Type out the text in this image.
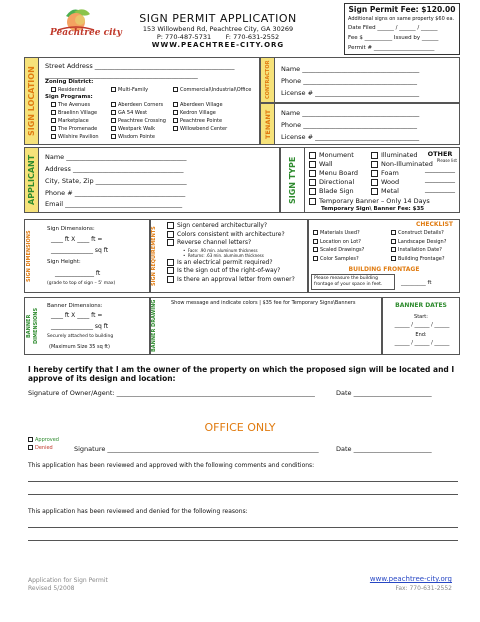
Peachtree city
SIGN PERMIT APPLICATION
153 Willowbend Rd, Peachtree City, GA 30269
P: 770-487-5731 F: 770-631-2552
WWW.PEACHTREE-CITY.ORG
Sign Permit Fee: $120.00
Additional signs on same property $60 ea.
Date Filed ______ / ______ / ______
Fee $ __________ Issued by ______
Permit # ______________________
SIGN LOCATION
Street Address ___________________________________________
_______________________________________________
Zoning District:
Residential	Multi-Family	Commercial\Industrial\Office
Sign Programs:
The Avenues
Braelinn Village
Marketplace
The Promenade
Wilshire Pavilion
Aberdeen Corners
GA 54 West
Peachtree Crossing
Westpark Walk
Wisdom Pointe
Aberdeen Village
Kedron Village
Peachtree Pointe
Willowbend Center
CONTRACTOR	Name ____________________________________
Phone ___________________________________
License # ________________________________
TENANT	Name ____________________________________
Phone ___________________________________
License # ________________________________
APPLICANT	Name _____________________________________
Address __________________________________
City, State, Zip ____________________________
Phone # __________________________________
Email ____________________________________
SIGN TYPE
Monument
Wall
Menu Board
Directional
Blade Sign
Illuminated
Non-Illuminated
Foam
Wood
Metal
Temporary Banner – Only 14 Days
Temporary Sign\ Banner Fee: $35
OTHER
Please list
__________
__________
__________
SIGN DIMENSIONS
Sign Dimensions:
____ ft X ____ ft =
______________ sq ft
Sign Height:
_____________ ft
(grade to top of sign – 5' max)	SIGN REQUIREMENTS
Sign centered architecturally?
Colors consistent with architecture?
Reverse channel letters?
•  Face: .90 min. aluminum thickness
•  Returns: .63 min. aluminum thickness
Is an electrical permit required?
Is the sign out of the right-of-way?
Is there an approval letter from owner?
CHECKLIST
Materials Used?
Location on Lot?
Scaled Drawings?
Color Samples?
Construct Details?
Landscape Design?
Installation Date?
Building Frontage?
BUILDING FRONTAGE
Please measure the building
frontage of your space in feet.	_________ ft
BANNER DIMENSIONS
Banner Dimensions:
____ ft X ____ ft =
______________ sq ft
Securely attached to building
(Maximum Size 35 sq ft)	BANNER DRAWING	Show message and indicate colors | $35 fee for Temporary Signs\Banners	BANNER DATES
Start:
______ / ______ / ______
End:
______ / ______ / ______
I hereby certify that I am the owner of the property on which the proposed sign will be located and I approve of its design and location:
Signature of Owner/Agent: _____________________________________________________________	Date ________________________
OFFICE ONLY
Approved
Denied	Signature _________________________________________________________________	Date ________________________
This application has been reviewed and approved with the following comments and conditions:
This application has been reviewed and denied for the following reasons:
Application for Sign Permit
Revised 5/2008
www.peachtree-city.org
Fax: 770-631-2552
